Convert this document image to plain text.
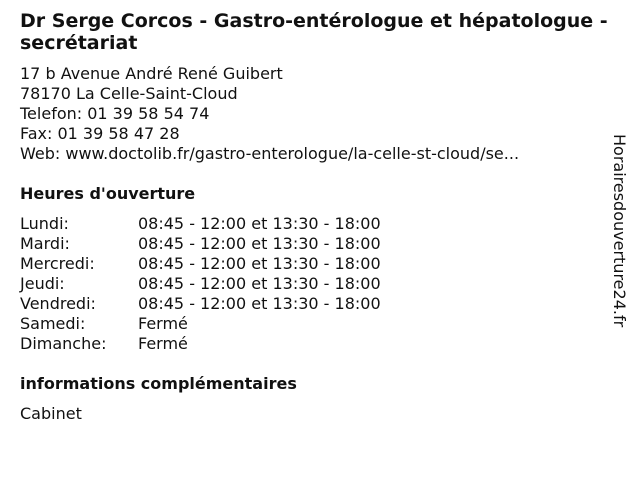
Dr Serge Corcos - Gastro-entérologue et hépatologue - secrétariat
17 b Avenue André René Guibert
78170 La Celle-Saint-Cloud
Telefon: 01 39 58 54 74
Fax: 01 39 58 47 28
Web: www.doctolib.fr/gastro-enterologue/la-celle-st-cloud/se...
Heures d'ouverture
Lundi:	08:45 - 12:00 et 13:30 - 18:00
Mardi:	08:45 - 12:00 et 13:30 - 18:00
Mercredi:	08:45 - 12:00 et 13:30 - 18:00
Jeudi:	08:45 - 12:00 et 13:30 - 18:00
Vendredi:	08:45 - 12:00 et 13:30 - 18:00
Samedi:	Fermé
Dimanche:	Fermé
informations complémentaires
Cabinet
Horairesdouverture24.fr
